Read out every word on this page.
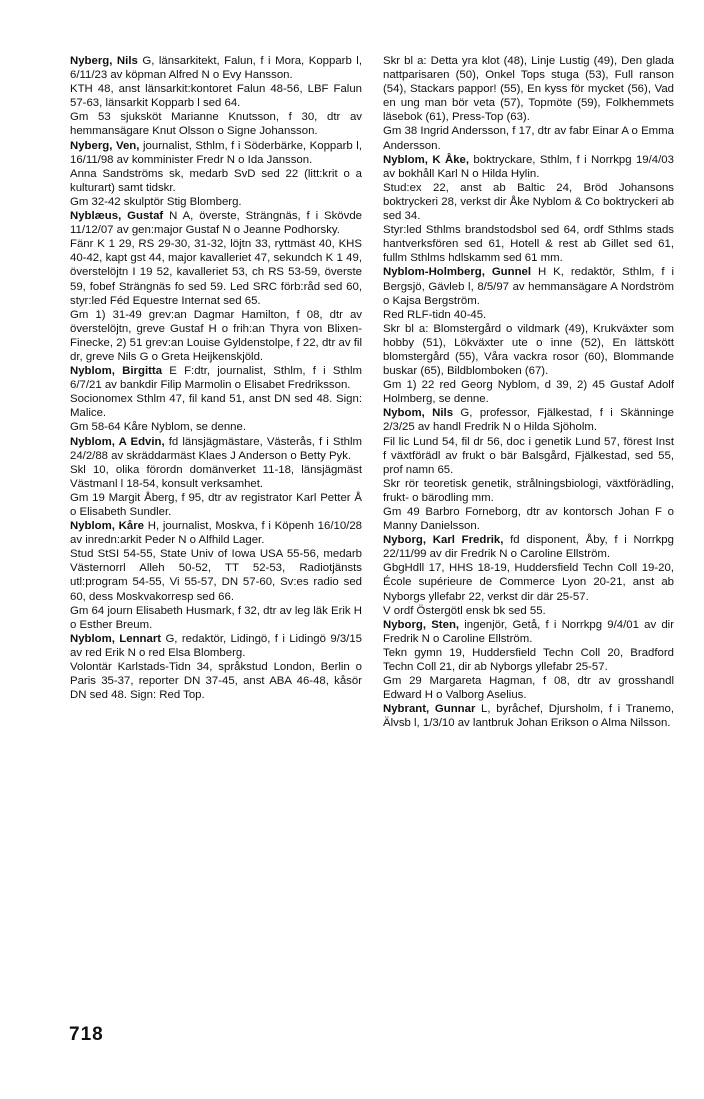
Nyberg, Nils G, länsarkitekt, Falun, f i Mora, Kopparb l, 6/11/23 av köpman Alfred N o Evy Hansson.

KTH 48, anst länsarkit:kontoret Falun 48-56, LBF Falun 57-63, länsarkit Kopparb l sed 64.

Gm 53 sjuksköt Marianne Knutsson, f 30, dtr av hemmansägare Knut Olsson o Signe Johansson.

Nyberg, Ven, journalist, Sthlm, f i Söderbärke, Kopparb l, 16/11/98 av komminister Fredr N o Ida Jansson.

Anna Sandströms sk, medarb SvD sed 22 (litt:krit o a kulturart) samt tidskr.

Gm 32-42 skulptör Stig Blomberg.

Nyblæus, Gustaf N A, överste, Strängnäs, f i Skövde 11/12/07 av gen:major Gustaf N o Jeanne Podhorsky.

Fänr K 1 29, RS 29-30, 31-32, löjtn 33, ryttmäst 40, KHS 40-42, kapt gst 44, major kavalleriet 47, sekundch K 1 49, överstelöjtn I 19 52, kavalleriet 53, ch RS 53-59, överste 59, fobef Strängnäs fo sed 59. Led SRC förb:råd sed 60, styr:led Féd Equestre Internat sed 65.

Gm 1) 31-49 grev:an Dagmar Hamilton, f 08, dtr av överstelöjtn, greve Gustaf H o frih:an Thyra von Blixen-Finecke, 2) 51 grev:an Louise Gyldenstolpe, f 22, dtr av fil dr, greve Nils G o Greta Heijkenskjöld.

Nyblom, Birgitta E F:dtr, journalist, Sthlm, f i Sthlm 6/7/21 av bankdir Filip Marmolin o Elisabet Fredriksson.

Socionomex Sthlm 47, fil kand 51, anst DN sed 48. Sign: Malice.

Gm 58-64 Kåre Nyblom, se denne.

Nyblom, A Edvin, fd länsjägmästare, Västerås, f i Sthlm 24/2/88 av skräddarmäst Klaes J Anderson o Betty Pyk.

Skl 10, olika förordn domänverket 11-18, länsjägmäst Västmanl l 18-54, konsult verksamhet.

Gm 19 Margit Åberg, f 95, dtr av registrator Karl Petter Å o Elisabeth Sundler.

Nyblom, Kåre H, journalist, Moskva, f i Köpenh 16/10/28 av inredn:arkit Peder N o Alfhild Lager.

Stud StSI 54-55, State Univ of Iowa USA 55-56, medarb Västernorrl Alleh 50-52, TT 52-53, Radiotjänsts utl:program 54-55, Vi 55-57, DN 57-60, Sv:es radio sed 60, dess Moskvakorresp sed 66.

Gm 64 journ Elisabeth Husmark, f 32, dtr av leg läk Erik H o Esther Breum.

Nyblom, Lennart G, redaktör, Lidingö, f i Lidingö 9/3/15 av red Erik N o red Elsa Blomberg.

Volontär Karlstads-Tidn 34, språkstud London, Berlin o Paris 35-37, reporter DN 37-45, anst ABA 46-48, kåsör DN sed 48. Sign: Red Top.

Skr bl a: Detta yra klot (48), Linje Lustig (49), Den glada nattparisaren (50), Onkel Tops stuga (53), Full ranson (54), Stackars pappor! (55), En kyss för mycket (56), Vad en ung man bör veta (57), Topmöte (59), Folkhemmets läsebok (61), Press-Top (63).

Gm 38 Ingrid Andersson, f 17, dtr av fabr Einar A o Emma Andersson.

Nyblom, K Åke, boktryckare, Sthlm, f i Norrkpg 19/4/03 av bokhåll Karl N o Hilda Hylin.

Stud:ex 22, anst ab Baltic 24, Bröd Johansons boktryckeri 28, verkst dir Åke Nyblom & Co boktryckeri ab sed 34.

Styr:led Sthlms brandstodsbol sed 64, ordf Sthlms stads hantverksfören sed 61, Hotell & rest ab Gillet sed 61, fullm Sthlms hdlskamm sed 61 mm.

Nyblom-Holmberg, Gunnel H K, redaktör, Sthlm, f i Bergsjö, Gävleb l, 8/5/97 av hemmansägare A Nordström o Kajsa Bergström.

Red RLF-tidn 40-45.

Skr bl a: Blomstergård o vildmark (49), Krukväxter som hobby (51), Lökväxter ute o inne (52), En lättskött blomstergård (55), Våra vackra rosor (60), Blommande buskar (65), Bildblomboken (67).

Gm 1) 22 red Georg Nyblom, d 39, 2) 45 Gustaf Adolf Holmberg, se denne.

Nybom, Nils G, professor, Fjälkestad, f i Skänninge 2/3/25 av handl Fredrik N o Hilda Sjöholm.

Fil lic Lund 54, fil dr 56, doc i genetik Lund 57, förest Inst f växtförädl av frukt o bär Balsgård, Fjälkestad, sed 55, prof namn 65.

Skr rör teoretisk genetik, strålningsbiologi, växtförädling, frukt- o bärodling mm.

Gm 49 Barbro Forneborg, dtr av kontorsch Johan F o Manny Danielsson.

Nyborg, Karl Fredrik, fd disponent, Åby, f i Norrkpg 22/11/99 av dir Fredrik N o Caroline Ellström.

GbgHdll 17, HHS 18-19, Huddersfield Techn Coll 19-20, École supérieure de Commerce Lyon 20-21, anst ab Nyborgs yllefabr 22, verkst dir där 25-57.

V ordf Östergötl ensk bk sed 55.

Nyborg, Sten, ingenjör, Getå, f i Norrkpg 9/4/01 av dir Fredrik N o Caroline Ellström.

Tekn gymn 19, Huddersfield Techn Coll 20, Bradford Techn Coll 21, dir ab Nyborgs yllefabr 25-57.

Gm 29 Margareta Hagman, f 08, dtr av grosshandl Edward H o Valborg Aselius.

Nybrant, Gunnar L, byråchef, Djursholm, f i Tranemo, Älvsb l, 1/3/10 av lantbruk Johan Erikson o Alma Nilsson.

718
